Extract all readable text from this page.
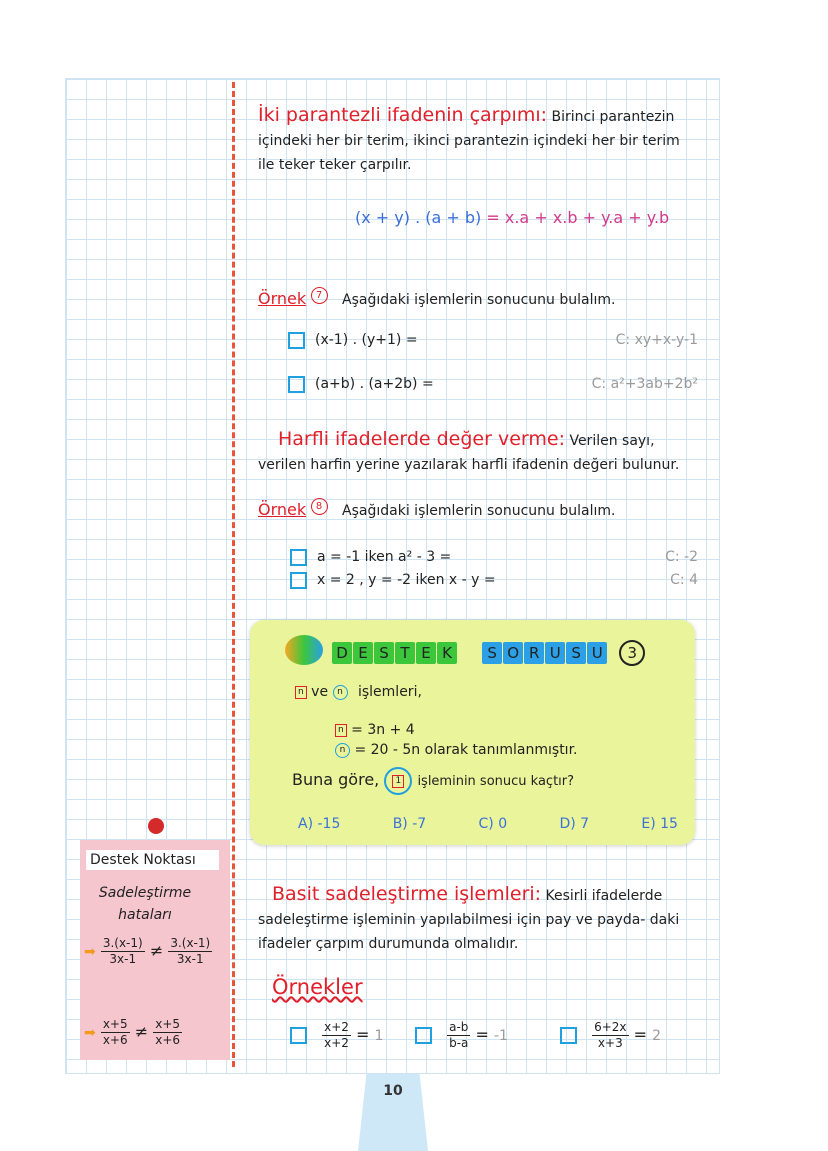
İki parantezli ifadenin çarpımı: Birinci parantezin içindeki her bir terim, ikinci parantezin içindeki her bir terim ile teker teker çarpılır.
(x + y) . (a + b) = x.a + x.b + y.a + y.b
Örnek 7 Aşağıdaki işlemlerin sonucunu bulalım.
(x-1) . (y+1) =	C: xy+x-y-1
(a+b) . (a+2b) =	C: a²+3ab+2b²
Harfli ifadelerde değer verme: Verilen sayı, verilen harfin yerine yazılarak harfli ifadenin değeri bulunur.
Örnek 8 Aşağıdaki işlemlerin sonucunu bulalım.
a = -1 iken a² - 3 =	C: -2
x = 2 , y = -2 iken x - y =	C: 4
D E S T E K S O R U S U 3
n ve n işlemleri,
n = 3n + 4
n = 20 - 5n olarak tanımlanmıştır.
Buna göre, 1 işleminin sonucu kaçtır?
A) -15	B) -7	C) 0	D) 7	E) 15
Destek Noktası
Sadeleştirme hataları
➡ $\frac{3.(x-1)}{3x-1} \ne \frac{3.(x-1)}{3x-1}$
➡ $\frac{x+5}{x+6} \ne \frac{x+5}{x+6}$
Basit sadeleştirme işlemleri: Kesirli ifadelerde sadeleştirme işleminin yapılabilmesi için pay ve payda- daki ifadeler çarpım durumunda olmalıdır.
Örnekler

$\frac{x+2}{x+2} = 1$
	$\frac{a-b}{b-a} = -1$
	$\frac{6+2x}{x+3} = 2$
10
